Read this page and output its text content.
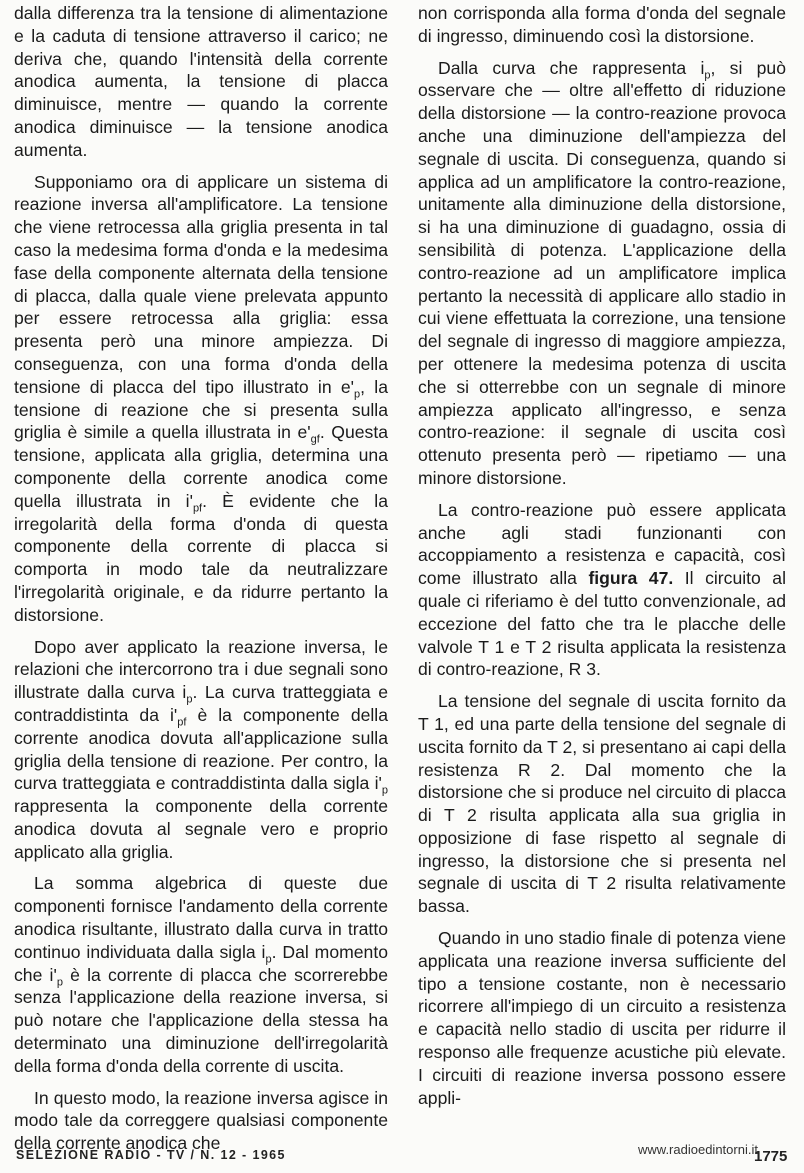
dalla differenza tra la tensione di alimentazione e la caduta di tensione attraverso il carico; ne deriva che, quando l'intensità della corrente anodica aumenta, la tensione di placca diminuisce, mentre — quando la corrente anodica diminuisce — la tensione anodica aumenta.

Supponiamo ora di applicare un sistema di reazione inversa all'amplificatore. La tensione che viene retrocessa alla griglia presenta in tal caso la medesima forma d'onda e la medesima fase della componente alternata della tensione di placca, dalla quale viene prelevata appunto per essere retrocessa alla griglia: essa presenta però una minore ampiezza. Di conseguenza, con una forma d'onda della tensione di placca del tipo illustrato in $e'_p$, la tensione di reazione che si presenta sulla griglia è simile a quella illustrata in $e'_{gf}$. Questa tensione, applicata alla griglia, determina una componente della corrente anodica come quella illustrata in $i'_{pf}$. È evidente che la irregolarità della forma d'onda di questa componente della corrente di placca si comporta in modo tale da neutralizzare l'irregolarità originale, e da ridurre pertanto la distorsione.

Dopo aver applicato la reazione inversa, le relazioni che intercorrono tra i due segnali sono illustrate dalla curva $i_p$. La curva tratteggiata e contraddistinta da $i'_{pf}$ è la componente della corrente anodica dovuta all'applicazione sulla griglia della tensione di reazione. Per contro, la curva tratteggiata e contraddistinta dalla sigla $i'_p$ rappresenta la componente della corrente anodica dovuta al segnale vero e proprio applicato alla griglia.

La somma algebrica di queste due componenti fornisce l'andamento della corrente anodica risultante, illustrato dalla curva in tratto continuo individuata dalla sigla $i_p$. Dal momento che $i'_p$ è la corrente di placca che scorrerebbe senza l'applicazione della reazione inversa, si può notare che l'applicazione della stessa ha determinato una diminuzione dell'irregolarità della forma d'onda della corrente di uscita.

In questo modo, la reazione inversa agisce in modo tale da correggere qualsiasi componente della corrente anodica che

non corrisponda alla forma d'onda del segnale di ingresso, diminuendo così la distorsione.

Dalla curva che rappresenta $i_p$, si può osservare che — oltre all'effetto di riduzione della distorsione — la contro-reazione provoca anche una diminuzione dell'ampiezza del segnale di uscita. Di conseguenza, quando si applica ad un amplificatore la contro-reazione, unitamente alla diminuzione della distorsione, si ha una diminuzione di guadagno, ossia di sensibilità di potenza. L'applicazione della contro-reazione ad un amplificatore implica pertanto la necessità di applicare allo stadio in cui viene effettuata la correzione, una tensione del segnale di ingresso di maggiore ampiezza, per ottenere la medesima potenza di uscita che si otterrebbe con un segnale di minore ampiezza applicato all'ingresso, e senza contro-reazione: il segnale di uscita così ottenuto presenta però — ripetiamo — una minore distorsione.

La contro-reazione può essere applicata anche agli stadi funzionanti con accoppiamento a resistenza e capacità, così come illustrato alla figura 47. Il circuito al quale ci riferiamo è del tutto convenzionale, ad eccezione del fatto che tra le placche delle valvole T 1 e T 2 risulta applicata la resistenza di contro-reazione, R 3.

La tensione del segnale di uscita fornito da T 1, ed una parte della tensione del segnale di uscita fornito da T 2, si presentano ai capi della resistenza R 2. Dal momento che la distorsione che si produce nel circuito di placca di T 2 risulta applicata alla sua griglia in opposizione di fase rispetto al segnale di ingresso, la distorsione che si presenta nel segnale di uscita di T 2 risulta relativamente bassa.

Quando in uno stadio finale di potenza viene applicata una reazione inversa sufficiente del tipo a tensione costante, non è necessario ricorrere all'impiego di un circuito a resistenza e capacità nello stadio di uscita per ridurre il responso alle frequenze acustiche più elevate. I circuiti di reazione inversa possono essere appli-

SELEZIONE RADIO - TV / N. 12 - 1965	www.radioedintorni.it
1775
